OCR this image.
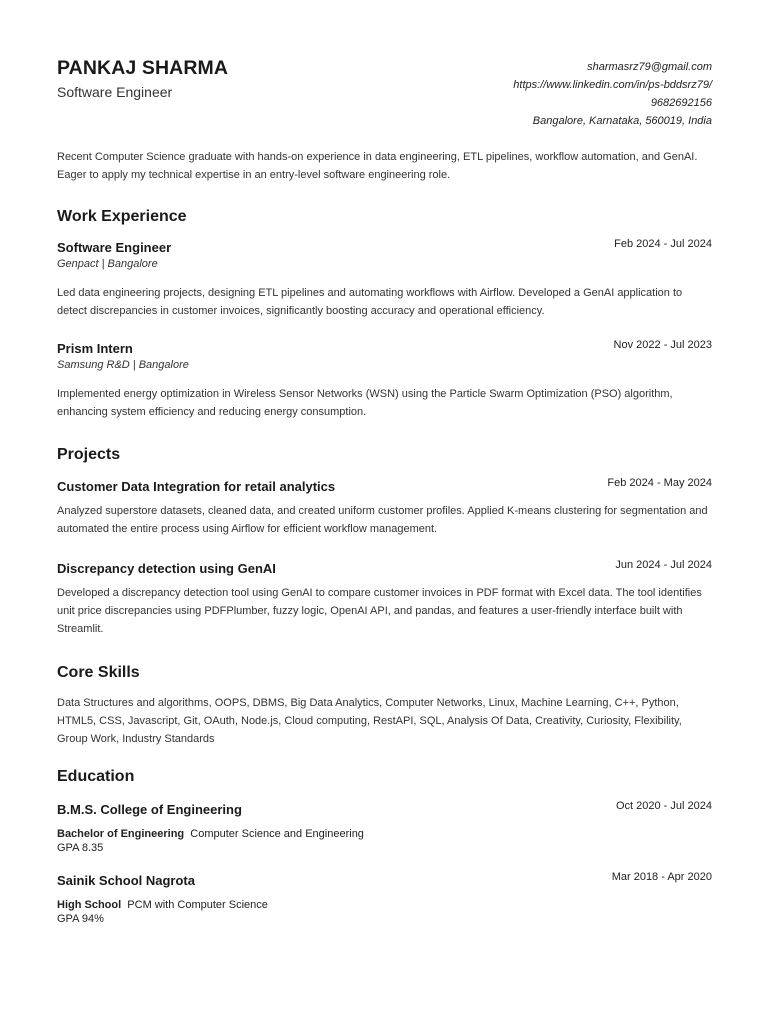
PANKAJ SHARMA
Software Engineer
sharmasrz79@gmail.com
https://www.linkedin.com/in/ps-bddsrz79/
9682692156
Bangalore, Karnataka, 560019, India
Recent Computer Science graduate with hands-on experience in data engineering, ETL pipelines, workflow automation, and GenAI. Eager to apply my technical expertise in an entry-level software engineering role.
Work Experience
Software Engineer	Feb 2024 - Jul 2024
Genpact | Bangalore
Led data engineering projects, designing ETL pipelines and automating workflows with Airflow. Developed a GenAI application to detect discrepancies in customer invoices, significantly boosting accuracy and operational efficiency.
Prism Intern	Nov 2022 - Jul 2023
Samsung R&D | Bangalore
Implemented energy optimization in Wireless Sensor Networks (WSN) using the Particle Swarm Optimization (PSO) algorithm, enhancing system efficiency and reducing energy consumption.
Projects
Customer Data Integration for retail analytics	Feb 2024 - May 2024
Analyzed superstore datasets, cleaned data, and created uniform customer profiles. Applied K-means clustering for segmentation and automated the entire process using Airflow for efficient workflow management.
Discrepancy detection using GenAI	Jun 2024 - Jul 2024
Developed a discrepancy detection tool using GenAI to compare customer invoices in PDF format with Excel data. The tool identifies unit price discrepancies using PDFPlumber, fuzzy logic, OpenAI API, and pandas, and features a user-friendly interface built with Streamlit.
Core Skills
Data Structures and algorithms, OOPS, DBMS, Big Data Analytics, Computer Networks, Linux, Machine Learning, C++, Python, HTML5, CSS, Javascript, Git, OAuth, Node.js, Cloud computing, RestAPI, SQL, Analysis Of Data, Creativity, Curiosity, Flexibility, Group Work, Industry Standards
Education
B.M.S. College of Engineering	Oct 2020 - Jul 2024
Bachelor of Engineering Computer Science and Engineering
GPA 8.35
Sainik School Nagrota	Mar 2018 - Apr 2020
High School PCM with Computer Science
GPA 94%
